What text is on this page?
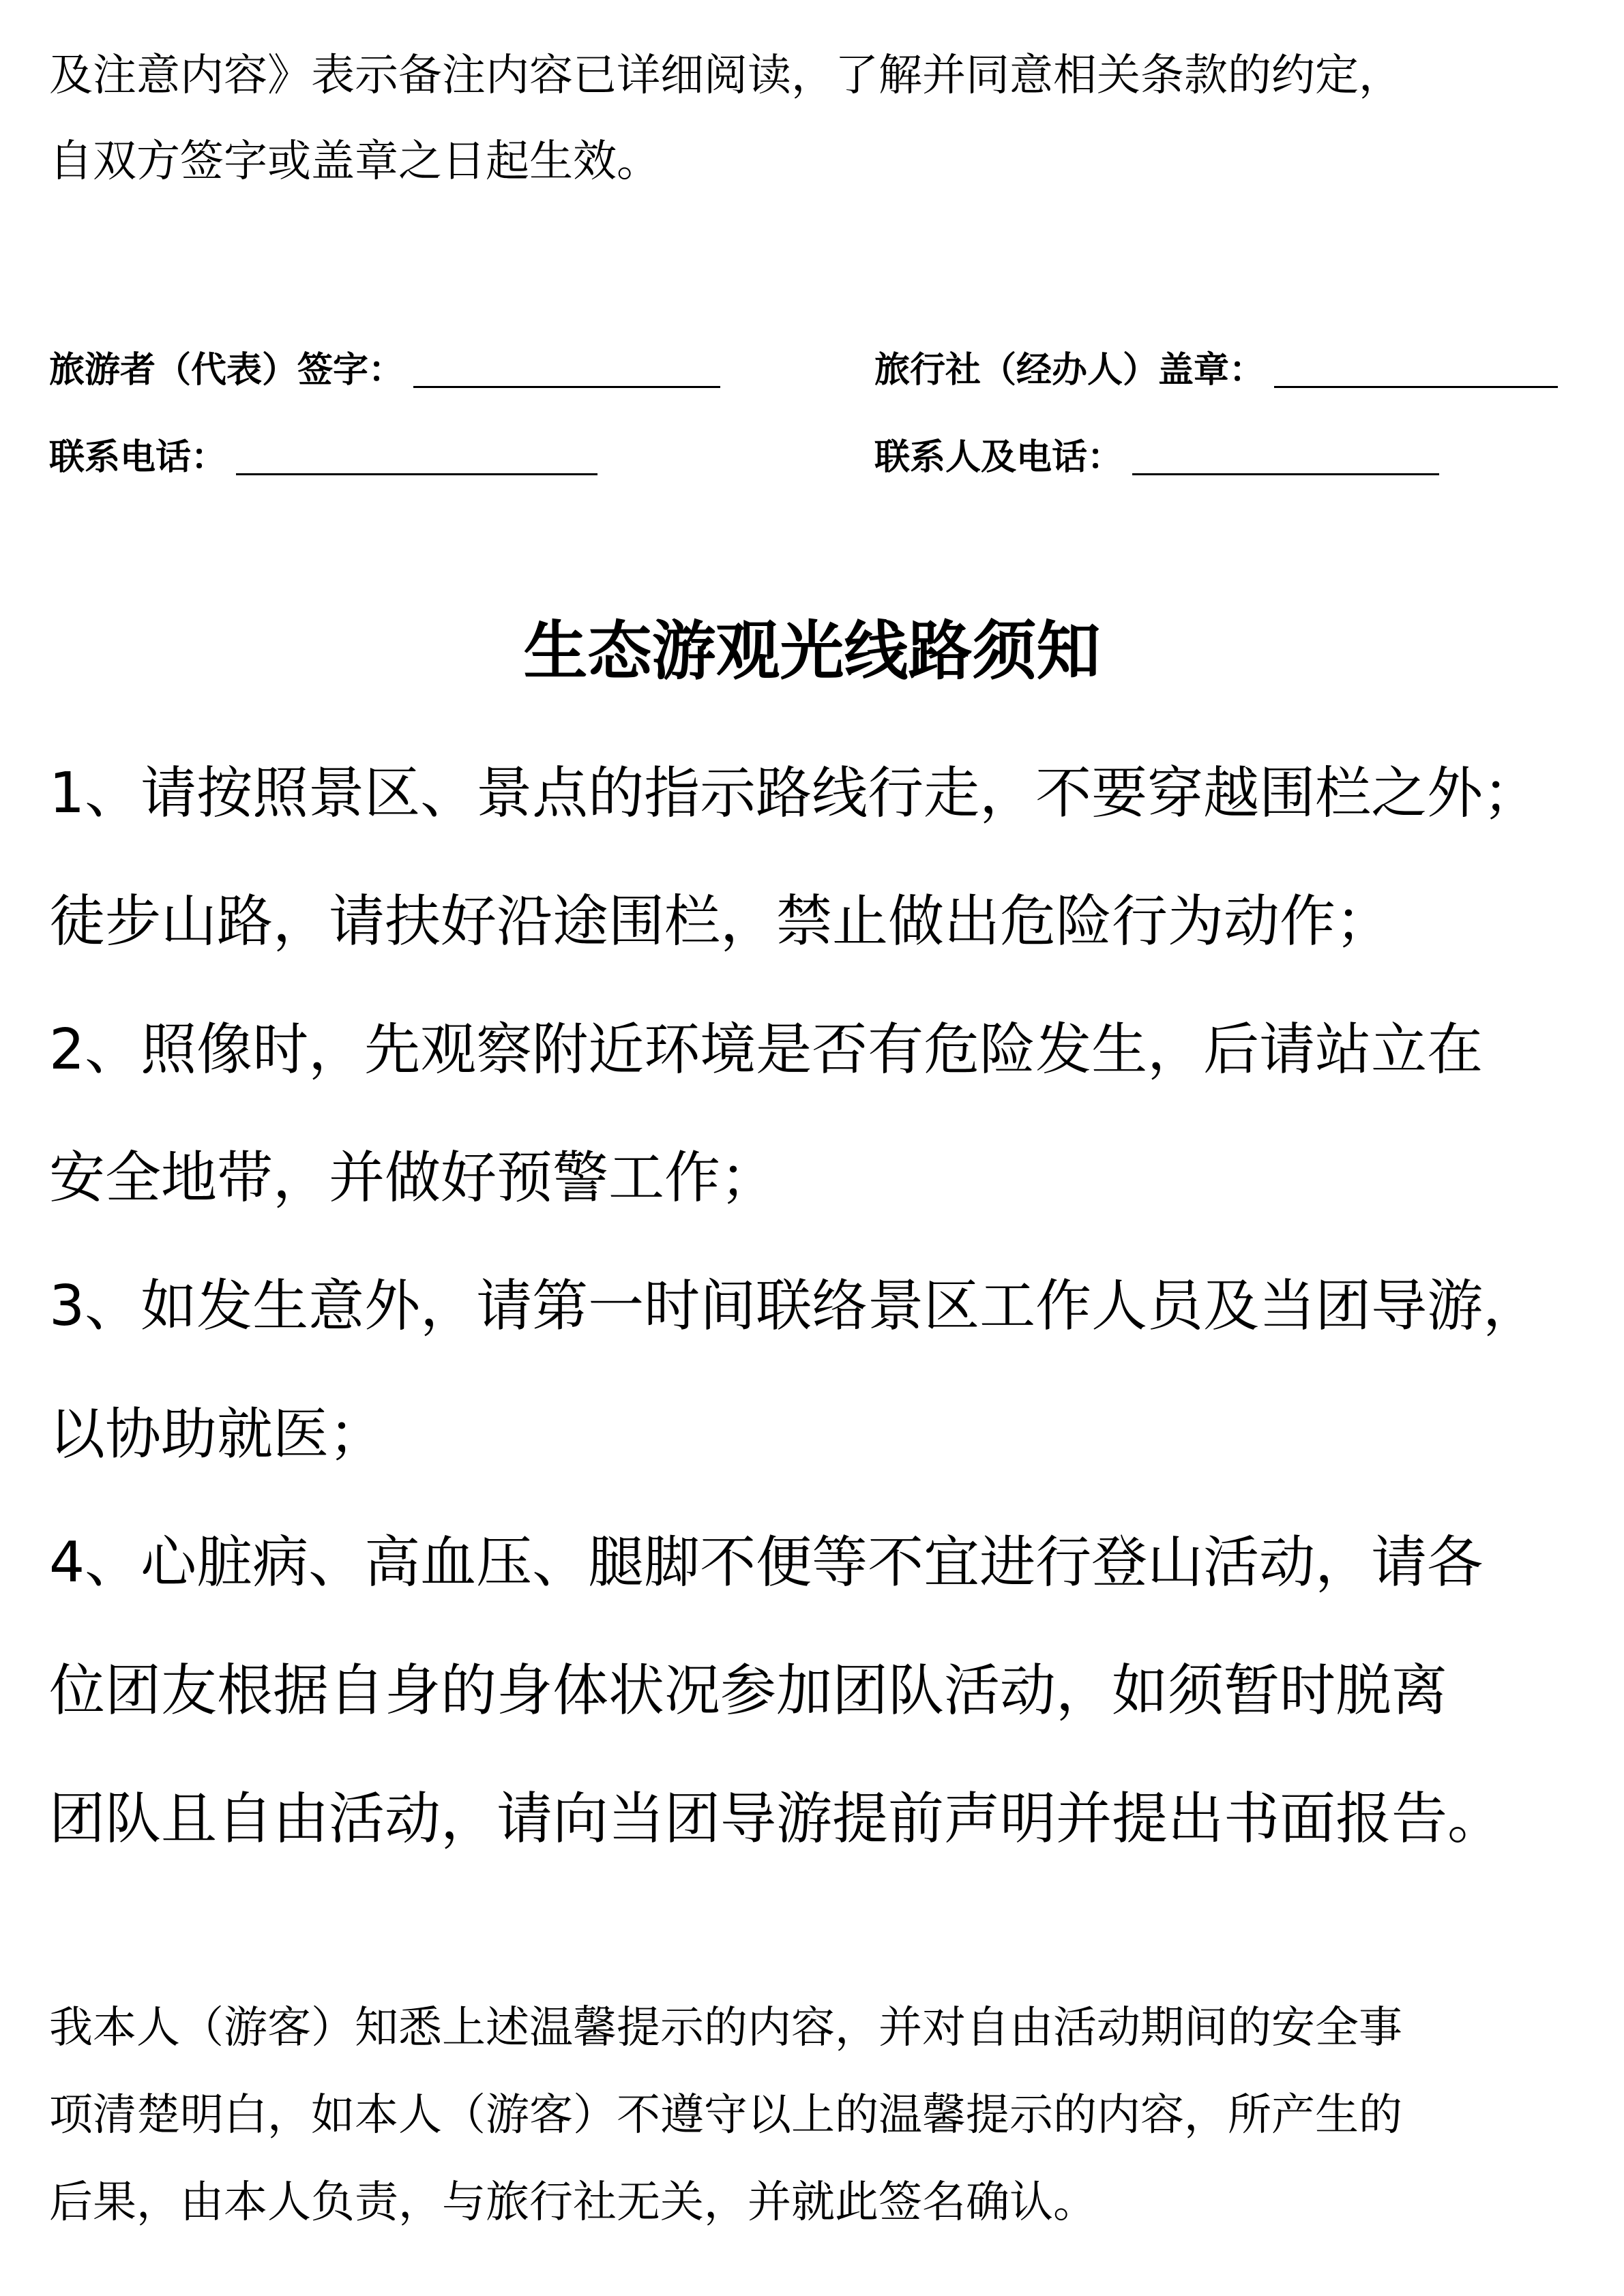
及注意内容》表示备注内容已详细阅读，了解并同意相关条款的约定，
自双方签字或盖章之日起生效。
旅游者（代表）签字：	旅行社（经办人）盖章：
联系电话：	联系人及电话：
生态游观光线路须知
1、请按照景区、景点的指示路线行走，不要穿越围栏之外；
徒步山路，请扶好沿途围栏，禁止做出危险行为动作；
2、照像时，先观察附近环境是否有危险发生，后请站立在
安全地带，并做好预警工作；
3、如发生意外，请第一时间联络景区工作人员及当团导游，
以协助就医；
4、心脏病、高血压、腿脚不便等不宜进行登山活动，请各
位团友根据自身的身体状况参加团队活动，如须暂时脱离
团队且自由活动，请向当团导游提前声明并提出书面报告。
我本人（游客）知悉上述温馨提示的内容，并对自由活动期间的安全事
项清楚明白，如本人（游客）不遵守以上的温馨提示的内容，所产生的
后果，由本人负责，与旅行社无关，并就此签名确认。
